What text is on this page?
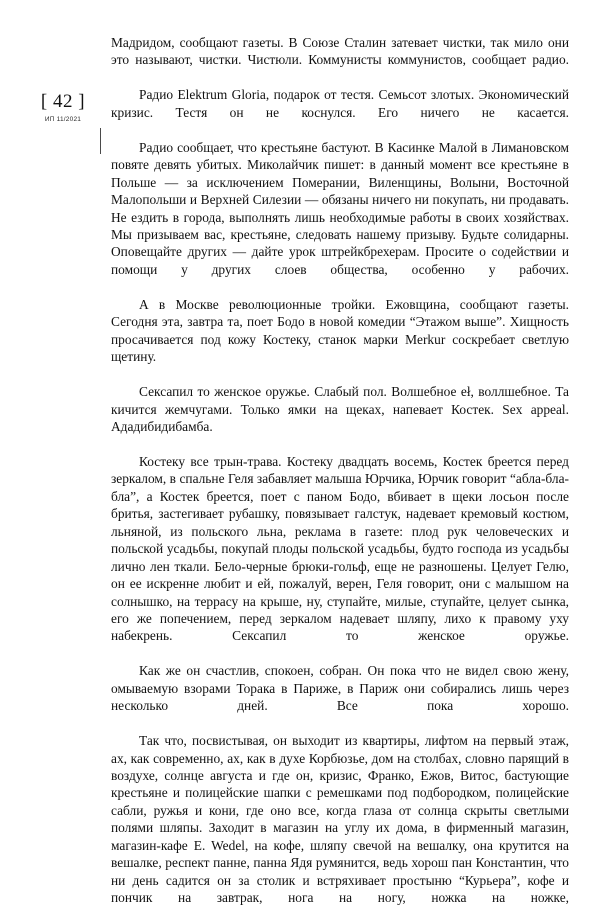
[ 42 ]
ИП 11/2021

Мадридом, сообщают газеты. В Союзе Сталин затевает чистки, так мило они это называют, чистки. Чистюли. Коммунисты коммунистов, сообщает радио.

Радио Elektrum Gloria, подарок от тестя. Семьсот злотых. Экономический кризис. Тестя он не коснулся. Его ничего не касается.

Радио сообщает, что крестьяне бастуют. В Касинке Малой в Лимановском повяте девять убитых. Миколайчик пишет: в данный момент все крестьяне в Польше — за исключением Померании, Виленщины, Волыни, Восточной Малопольши и Верхней Силезии — обязаны ничего ни покупать, ни продавать. Не ездить в города, выполнять лишь необходимые работы в своих хозяйствах. Мы призываем вас, крестьяне, следовать нашему призыву. Будьте солидарны. Оповещайте других — дайте урок штрейкбрехерам. Просите о содействии и помощи у других слоев общества, особенно у рабочих.

А в Москве революционные тройки. Ежовщина, сообщают газеты. Сегодня эта, завтра та, поет Бодо в новой комедии “Этажом выше”. Хищность просачивается под кожу Костеку, станок марки Merkur соскребает светлую щетину.

Сексапил то женское оружье. Слабый пол. Волшебное eł, воллшебное. Та кичится жемчугами. Только ямки на щеках, напевает Костек. Sex appeal. Ададибидибамба.

Костеку все трын-трава. Костеку двадцать восемь, Костек бреется перед зеркалом, в спальне Геля забавляет малыша Юрчика, Юрчик говорит “абла-бла-бла”, а Костек бреется, поет с паном Бодо, вбивает в щеки лосьон после бритья, застегивает рубашку, повязывает галстук, надевает кремовый костюм, льняной, из польского льна, реклама в газете: плод рук человеческих и польской усадьбы, покупай плоды польской усадьбы, будто господа из усадьбы лично лен ткали. Бело-черные брюки-гольф, еще не разношены. Целует Гелю, он ее искренне любит и ей, пожалуй, верен, Геля говорит, они с малышом на солнышко, на террасу на крыше, ну, ступайте, милые, ступайте, целует сынка, его же попечением, перед зеркалом надевает шляпу, лихо к правому уху набекрень. Сексапил то женское оружье.

Как же он счастлив, спокоен, собран. Он пока что не видел свою жену, омываемую взорами Торака в Париже, в Париж они собирались лишь через несколько дней. Все пока хорошо.

Так что, посвистывая, он выходит из квартиры, лифтом на первый этаж, ах, как современно, ах, как в духе Корбюзье, дом на столбах, словно парящий в воздухе, солнце августа и где он, кризис, Франко, Ежов, Витос, бастующие крестьяне и полицейские шапки с ремешками под подбородком, полицейские сабли, ружья и кони, где оно все, когда глаза от солнца скрыты светлыми полями шляпы. Заходит в магазин на углу их дома, в фирменный магазин, магазин-кафе E. Wedel, на кофе, шляпу свечой на вешалку, она крутится на вешалке, респект панне, панна Ядя румянится, ведь хорош пан Константин, что ни день садится он за столик и встряхивает простыню “Курьера”, кофе и пончик на завтрак, нога на ногу, ножка на ножке,
